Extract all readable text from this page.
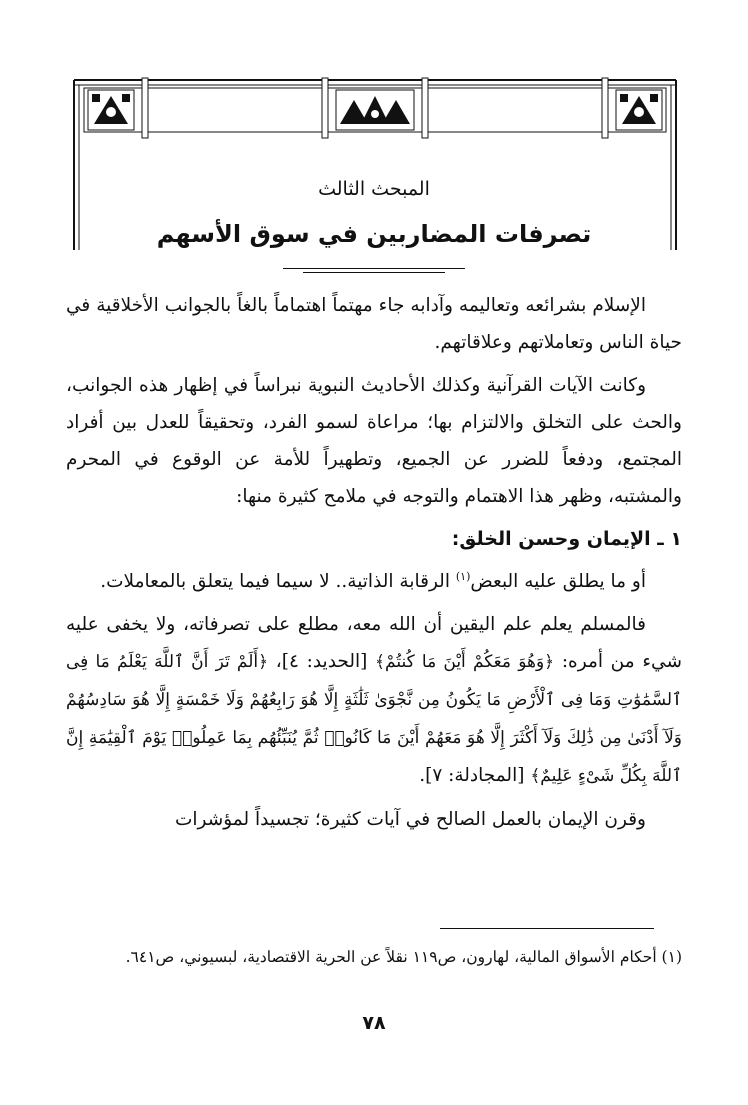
المبحث الثالث
تصرفات المضاربين في سوق الأسهم

الإسلام بشرائعه وتعاليمه وآدابه جاء مهتماً اهتماماً بالغاً بالجوانب الأخلاقية في حياة الناس وتعاملاتهم وعلاقاتهم.

وكانت الآيات القرآنية وكذلك الأحاديث النبوية نبراساً في إظهار هذه الجوانب، والحث على التخلق والالتزام بها؛ مراعاة لسمو الفرد، وتحقيقاً للعدل بين أفراد المجتمع، ودفعاً للضرر عن الجميع، وتطهيراً للأمة عن الوقوع في المحرم والمشتبه، وظهر هذا الاهتمام والتوجه في ملامح كثيرة منها:

١ ـ الإيمان وحسن الخلق:

أو ما يطلق عليه البعض$^{(١)}$ الرقابة الذاتية.. لا سيما فيما يتعلق بالمعاملات.

فالمسلم يعلم علم اليقين أن الله معه، مطلع على تصرفاته، ولا يخفى عليه شيء من أمره: ﴿وَهُوَ مَعَكُمْ أَيْنَ مَا كُنتُمْ﴾ [الحديد: ٤]، ﴿أَلَمْ تَرَ أَنَّ ٱللَّهَ يَعْلَمُ مَا فِى ٱلسَّمَٰوَٰتِ وَمَا فِى ٱلْأَرْضِ مَا يَكُونُ مِن نَّجْوَىٰ ثَلَٰثَةٍ إِلَّا هُوَ رَابِعُهُمْ وَلَا خَمْسَةٍ إِلَّا هُوَ سَادِسُهُمْ وَلَآ أَدْنَىٰ مِن ذَٰلِكَ وَلَآ أَكْثَرَ إِلَّا هُوَ مَعَهُمْ أَيْنَ مَا كَانُوا۟ ثُمَّ يُنَبِّئُهُم بِمَا عَمِلُوا۟ يَوْمَ ٱلْقِيَٰمَةِ إِنَّ ٱللَّهَ بِكُلِّ شَىْءٍ عَلِيمٌ﴾ [المجادلة: ٧].

وقرن الإيمان بالعمل الصالح في آيات كثيرة؛ تجسيداً لمؤشرات

(١) أحكام الأسواق المالية، لهارون، ص١١٩ نقلاً عن الحرية الاقتصادية، لبسيوني، ص٦٤١.
٧٨
